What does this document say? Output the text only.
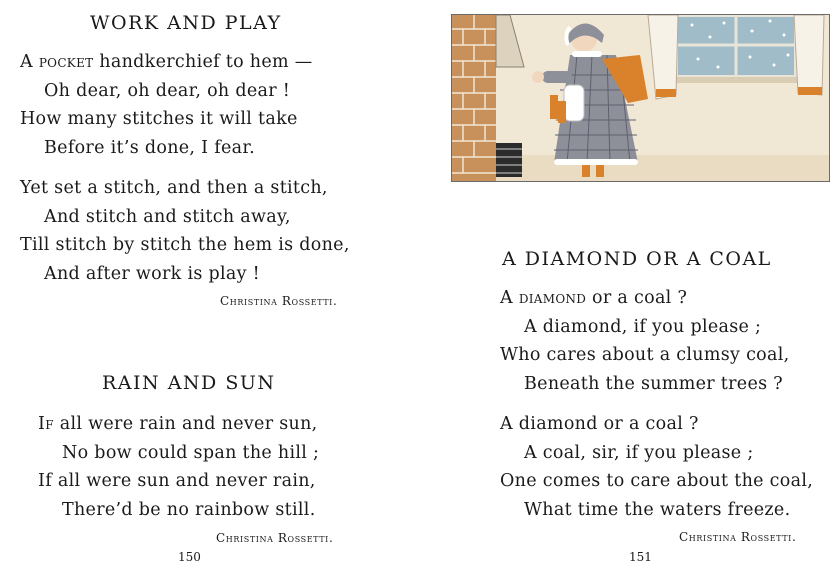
WORK AND PLAY
A pocket handkerchief to hem —
Oh dear, oh dear, oh dear !
How many stitches it will take
Before it’s done, I fear.
Yet set a stitch, and then a stitch,
And stitch and stitch away,
Till stitch by stitch the hem is done,
And after work is play !
Christina Rossetti.
RAIN AND SUN
If all were rain and never sun,
No bow could span the hill ;
If all were sun and never rain,
There’d be no rainbow still.
Christina Rossetti.
150
A DIAMOND OR A COAL
A diamond or a coal ?
A diamond, if you please ;
Who cares about a clumsy coal,
Beneath the summer trees ?
A diamond or a coal ?
A coal, sir, if you please ;
One comes to care about the coal,
What time the waters freeze.
Christina Rossetti.
151
